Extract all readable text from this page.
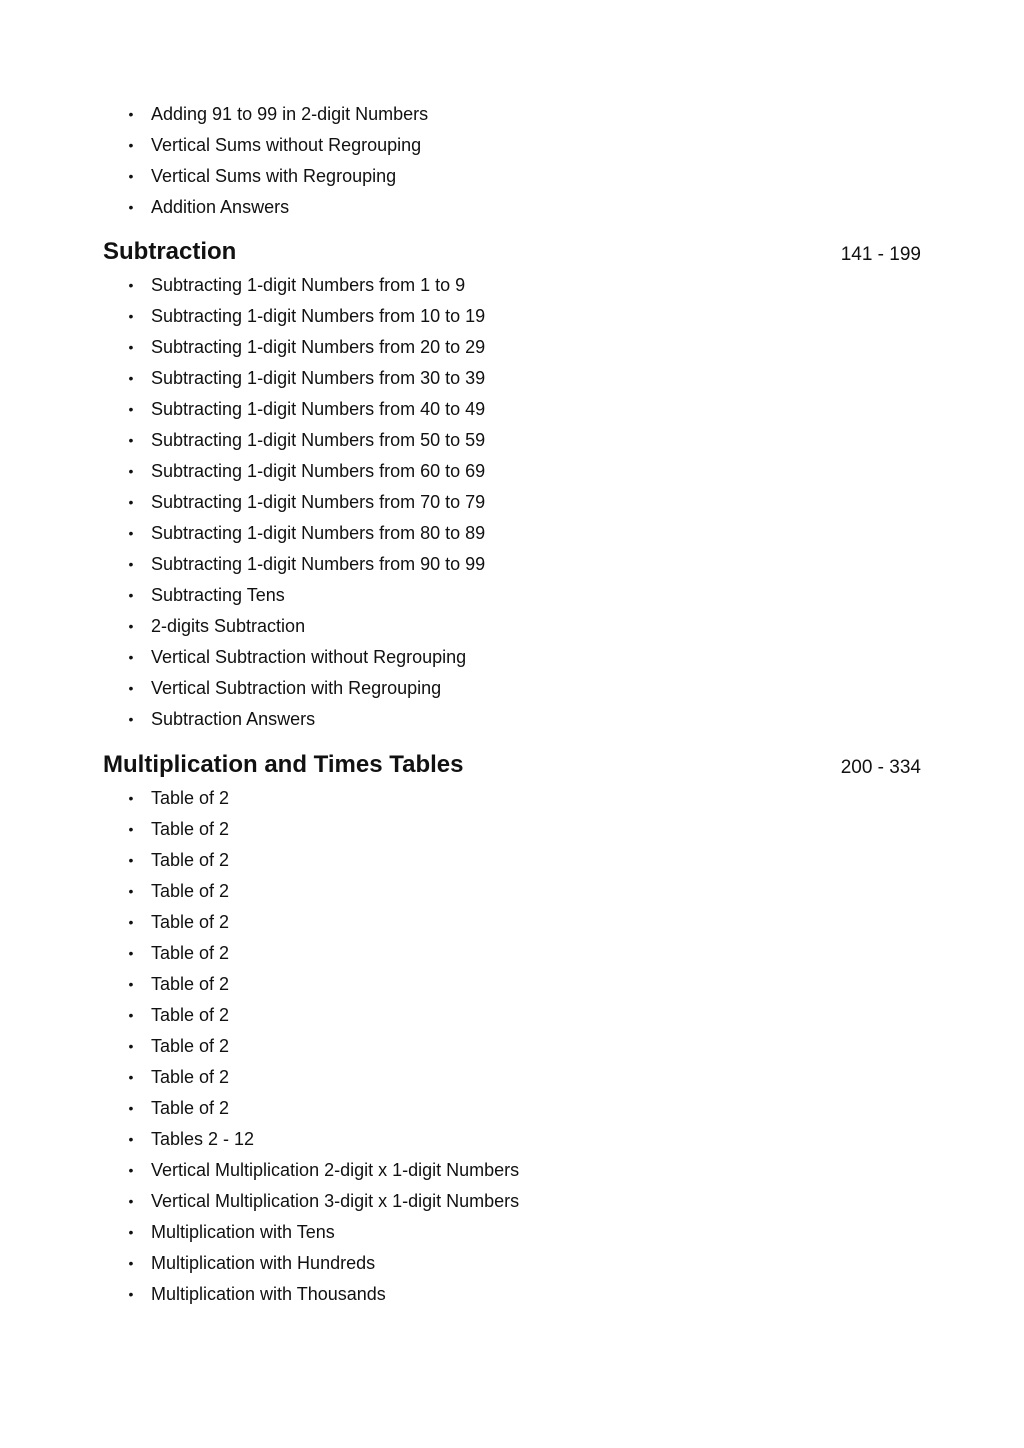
• Adding 91 to 99 in 2-digit Numbers
• Vertical Sums without Regrouping
• Vertical Sums with Regrouping
• Addition Answers
Subtraction	141 - 199
• Subtracting 1-digit Numbers from 1 to 9
• Subtracting 1-digit Numbers from 10 to 19
• Subtracting 1-digit Numbers from 20 to 29
• Subtracting 1-digit Numbers from 30 to 39
• Subtracting 1-digit Numbers from 40 to 49
• Subtracting 1-digit Numbers from 50 to 59
• Subtracting 1-digit Numbers from 60 to 69
• Subtracting 1-digit Numbers from 70 to 79
• Subtracting 1-digit Numbers from 80 to 89
• Subtracting 1-digit Numbers from 90 to 99
• Subtracting Tens
• 2-digits Subtraction
• Vertical Subtraction without Regrouping
• Vertical Subtraction with Regrouping
• Subtraction Answers
Multiplication and Times Tables	200 - 334
• Table of 2
• Table of 2
• Table of 2
• Table of 2
• Table of 2
• Table of 2
• Table of 2
• Table of 2
• Table of 2
• Table of 2
• Table of 2
• Tables 2 - 12
• Vertical Multiplication 2-digit x 1-digit Numbers
• Vertical Multiplication 3-digit x 1-digit Numbers
• Multiplication with Tens
• Multiplication with Hundreds
• Multiplication with Thousands
